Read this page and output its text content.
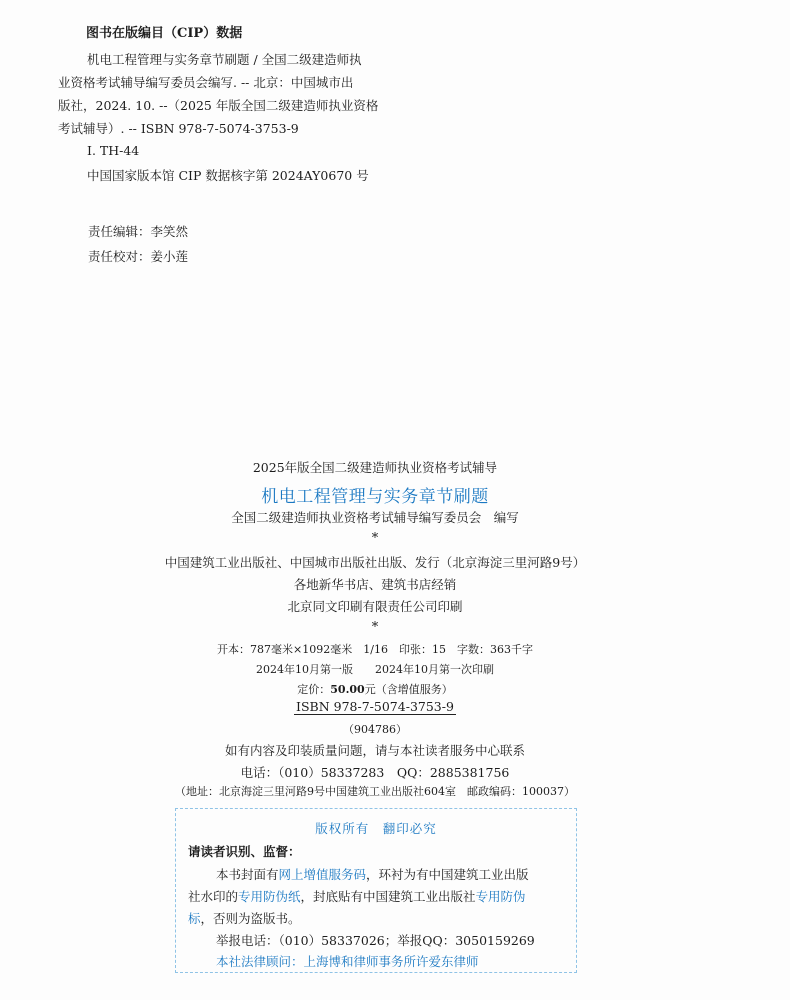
图书在版编目（CIP）数据
机电工程管理与实务章节刷题 / 全国二级建造师执
业资格考试辅导编写委员会编写. -- 北京：中国城市出
版社，2024. 10. --（2025 年版全国二级建造师执业资格
考试辅导）. -- ISBN 978-7-5074-3753-9
Ⅰ. TH-44
中国国家版本馆 CIP 数据核字第 2024AY0670 号
责任编辑：李笑然
责任校对：姜小莲
2025年版全国二级建造师执业资格考试辅导
机电工程管理与实务章节刷题
全国二级建造师执业资格考试辅导编写委员会　编写
*
中国建筑工业出版社、中国城市出版社出版、发行（北京海淀三里河路9号）
各地新华书店、建筑书店经销
北京同文印刷有限责任公司印刷
*
开本：787毫米×1092毫米　1/16　印张：15　字数：363千字
2024年10月第一版　　2024年10月第一次印刷
定价：50.00元（含增值服务）
ISBN 978-7-5074-3753-9
（904786）
如有内容及印装质量问题，请与本社读者服务中心联系
电话：（010）58337283　QQ：2885381756
（地址：北京海淀三里河路9号中国建筑工业出版社604室　邮政编码：100037）
版权所有　翻印必究
请读者识别、监督：
本书封面有网上增值服务码，环衬为有中国建筑工业出版
社水印的专用防伪纸，封底贴有中国建筑工业出版社专用防伪
标，否则为盗版书。
举报电话：（010）58337026；举报QQ：3050159269
本社法律顾问：上海博和律师事务所许爱东律师
